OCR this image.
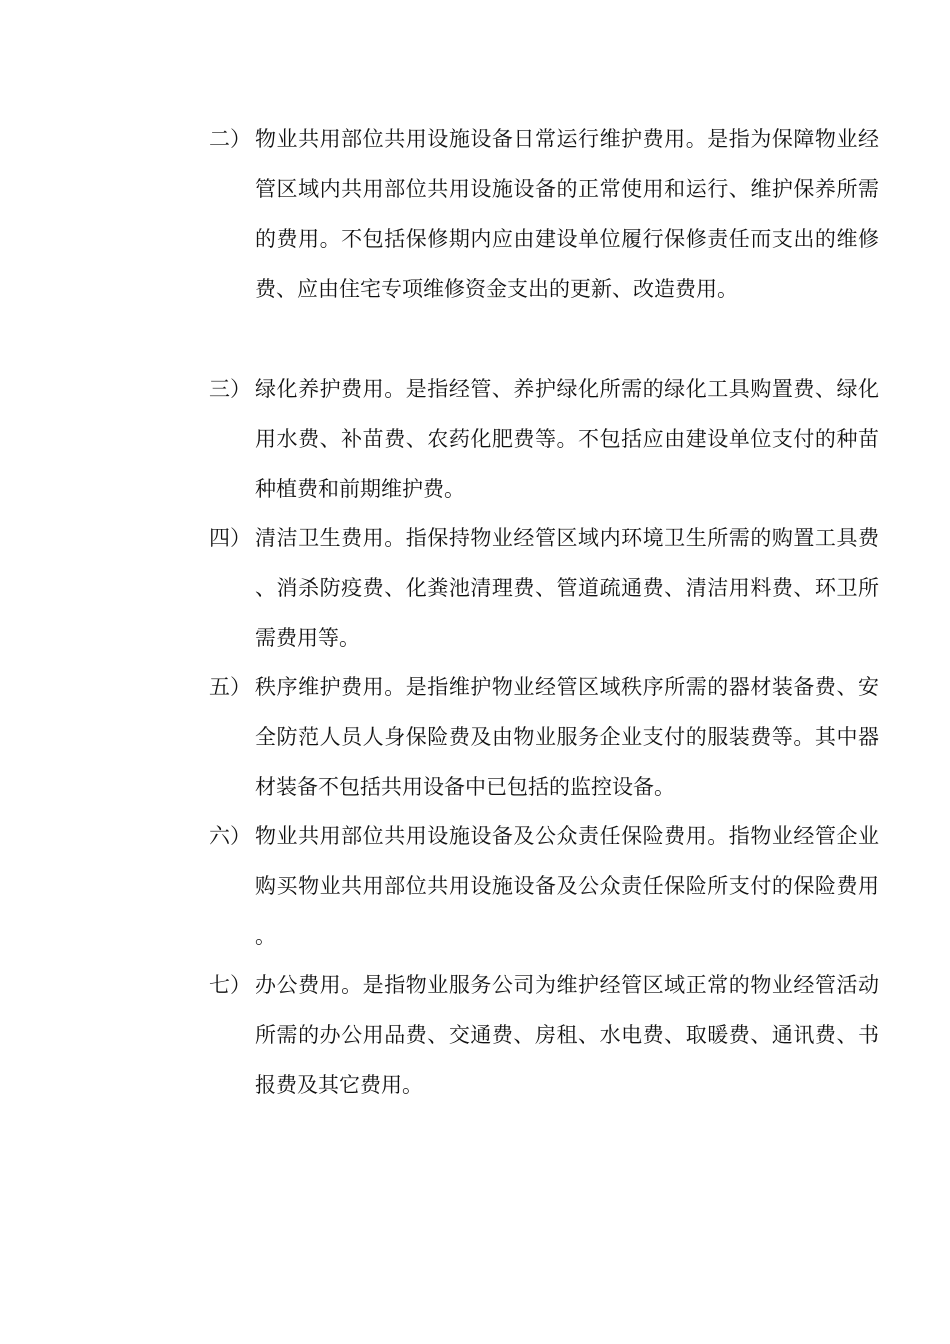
二） 物业共用部位共用设施设备日常运行维护费用。是指为保障物业经管区域内共用部位共用设施设备的正常使用和运行、维护保养所需的费用。不包括保修期内应由建设单位履行保修责任而支出的维修费、应由住宅专项维修资金支出的更新、改造费用。
三） 绿化养护费用。是指经管、养护绿化所需的绿化工具购置费、绿化用水费、补苗费、农药化肥费等。不包括应由建设单位支付的种苗种植费和前期维护费。
四） 清洁卫生费用。指保持物业经管区域内环境卫生所需的购置工具费、消杀防疫费、化粪池清理费、管道疏通费、清洁用料费、环卫所需费用等。
五） 秩序维护费用。是指维护物业经管区域秩序所需的器材装备费、安全防范人员人身保险费及由物业服务企业支付的服装费等。其中器材装备不包括共用设备中已包括的监控设备。
六） 物业共用部位共用设施设备及公众责任保险费用。指物业经管企业购买物业共用部位共用设施设备及公众责任保险所支付的保险费用。
七） 办公费用。是指物业服务公司为维护经管区域正常的物业经管活动所需的办公用品费、交通费、房租、水电费、取暖费、通讯费、书报费及其它费用。
